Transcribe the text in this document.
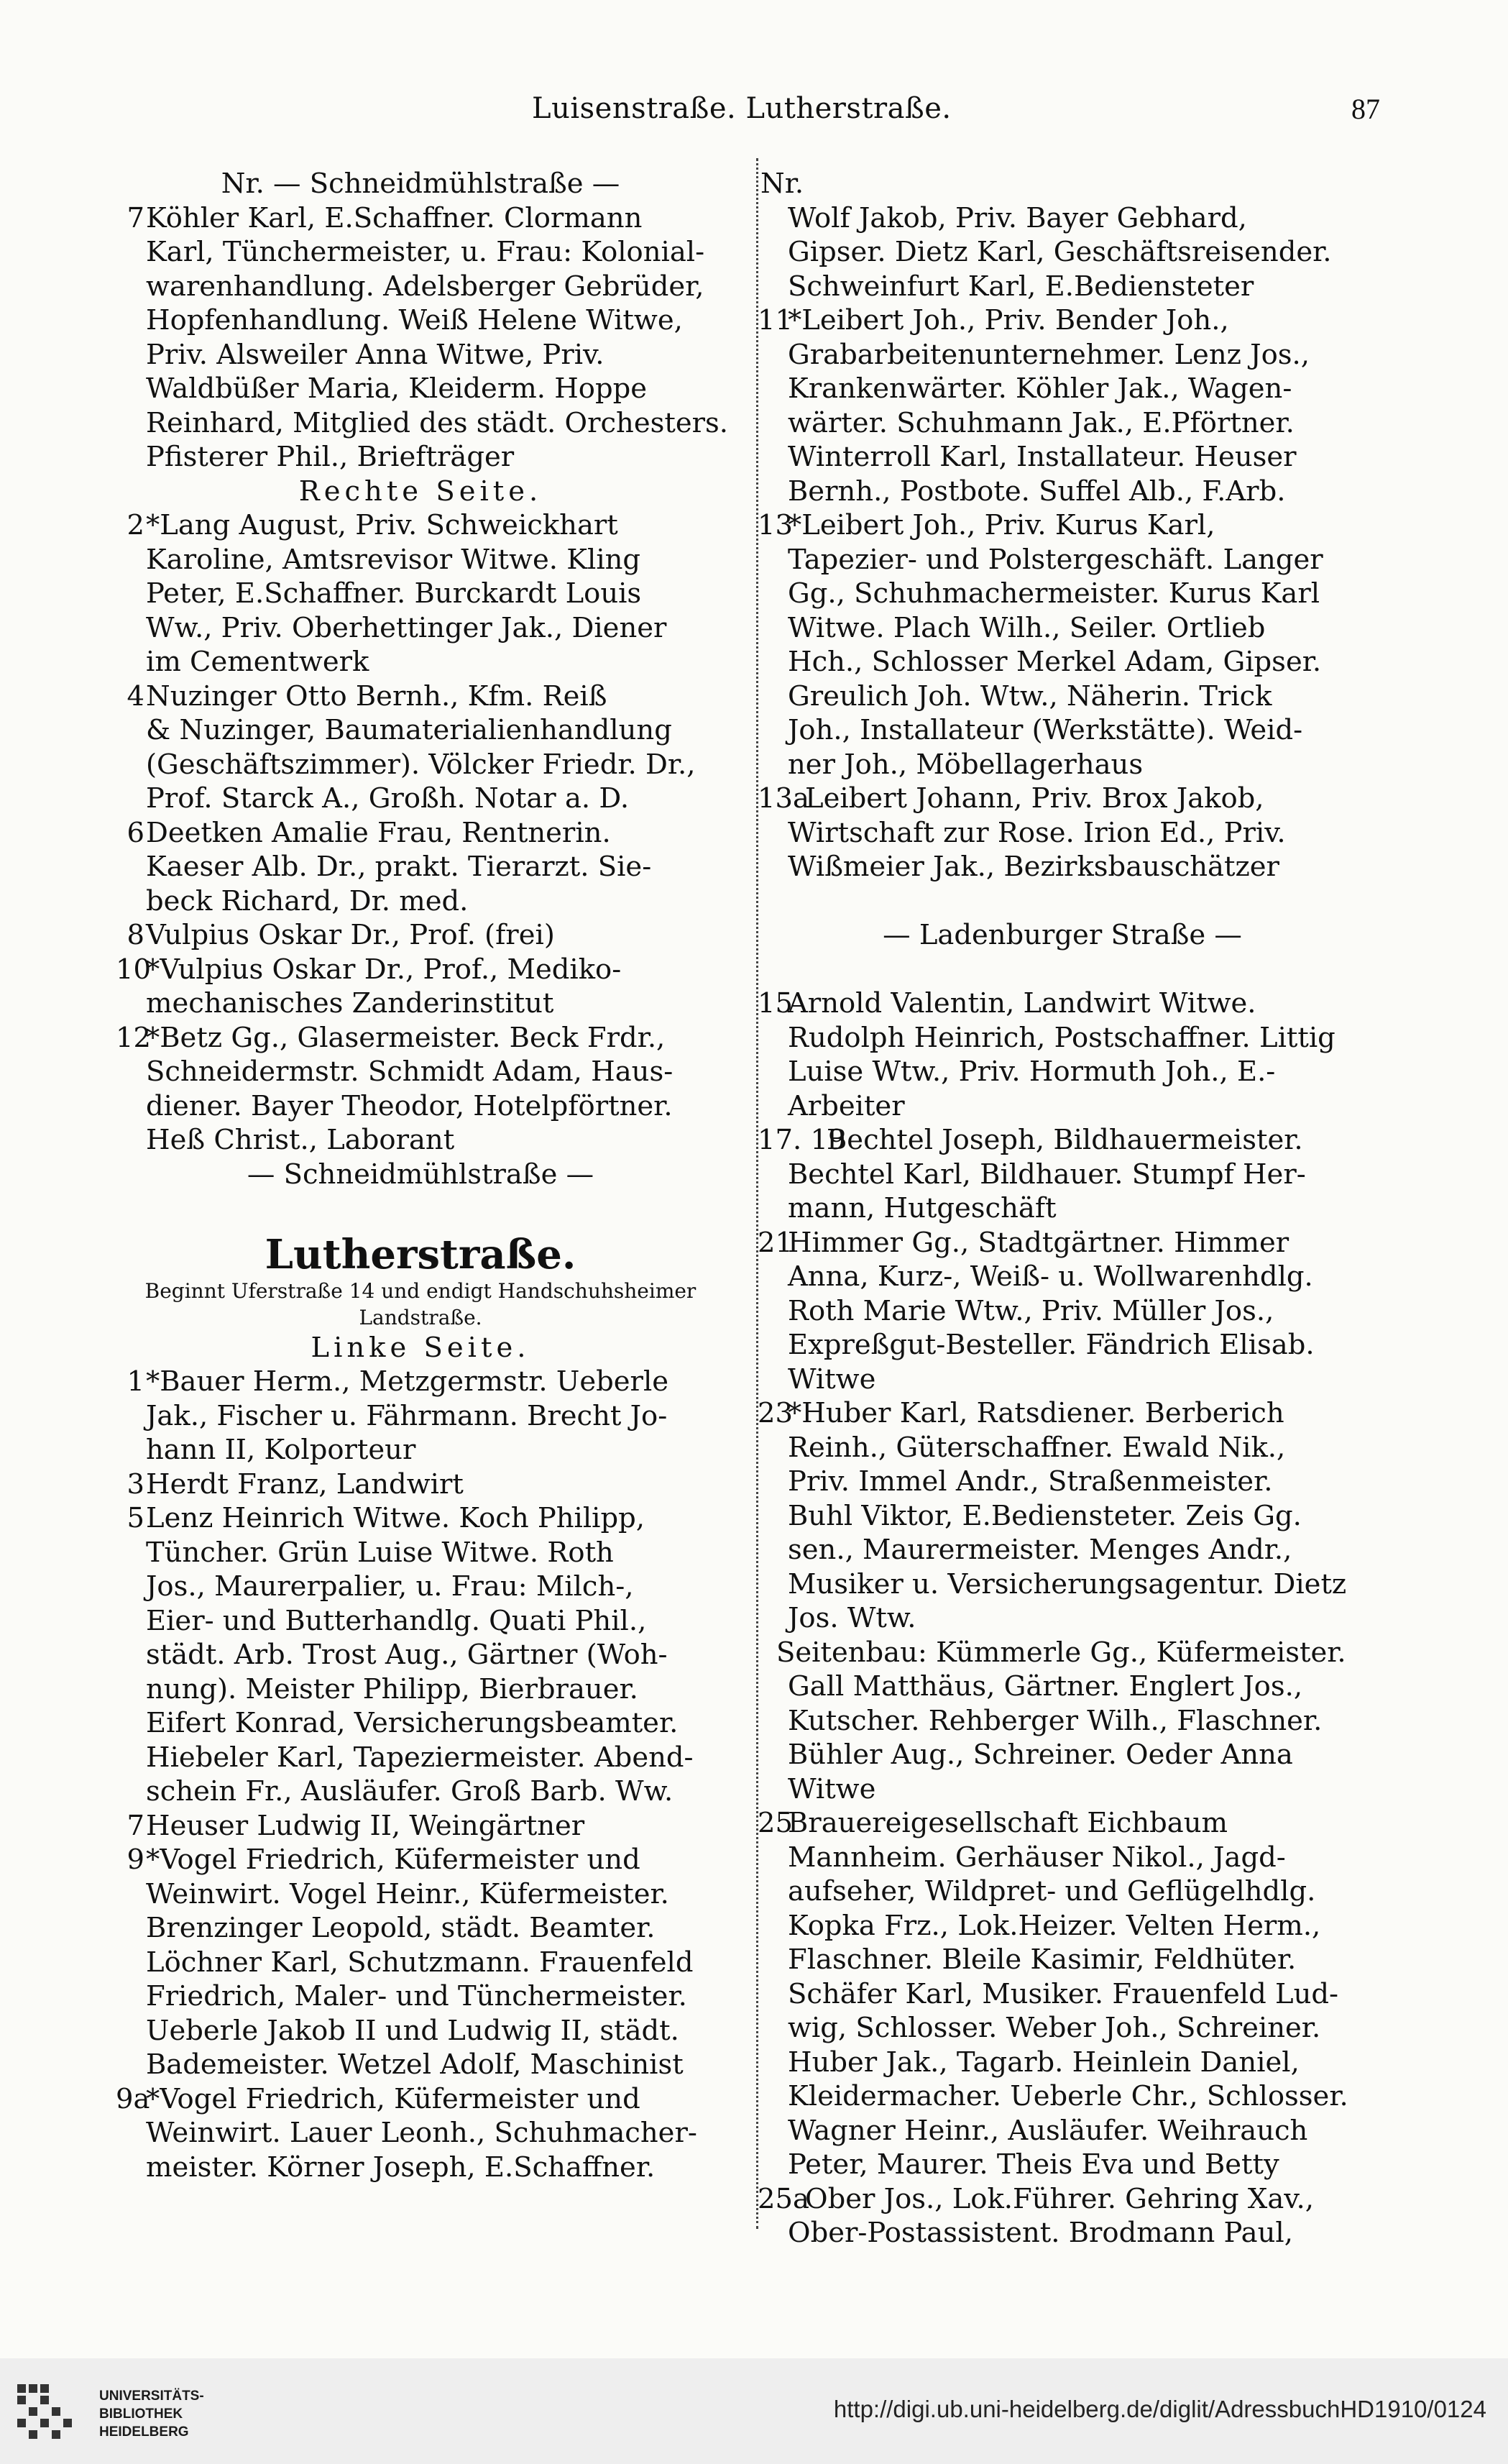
Luisenstraße. Lutherstraße.	87
Nr. — Schneidmühlstraße —
7 Köhler Karl, E.Schaffner. Clormann
Karl, Tünchermeister, u. Frau: Kolonial-
warenhandlung. Adelsberger Gebrüder,
Hopfenhandlung. Weiß Helene Witwe,
Priv. Alsweiler Anna Witwe, Priv.
Waldbüßer Maria, Kleiderm. Hoppe
Reinhard, Mitglied des städt. Orchesters.
Pfisterer Phil., Briefträger
Rechte Seite.
2 *Lang August, Priv. Schweickhart
Karoline, Amtsrevisor Witwe. Kling
Peter, E.Schaffner. Burckardt Louis
Ww., Priv. Oberhettinger Jak., Diener
im Cementwerk
4 Nuzinger Otto Bernh., Kfm. Reiß
& Nuzinger, Baumaterialienhandlung
(Geschäftszimmer). Völcker Friedr. Dr.,
Prof. Starck A., Großh. Notar a. D.
6 Deetken Amalie Frau, Rentnerin.
Kaeser Alb. Dr., prakt. Tierarzt. Sie-
beck Richard, Dr. med.
8 Vulpius Oskar Dr., Prof. (frei)
10
*Vulpius Oskar Dr., Prof., Mediko-
mechanisches Zanderinstitut
12
*Betz Gg., Glasermeister. Beck Frdr.,
Schneidermstr. Schmidt Adam, Haus-
diener. Bayer Theodor, Hotelpförtner.
Heß Christ., Laborant
— Schneidmühlstraße —
Lutherstraße.
Beginnt Uferstraße 14 und endigt Handschuhsheimer
Landstraße.
Linke Seite.
1 *Bauer Herm., Metzgermstr. Ueberle
Jak., Fischer u. Fährmann. Brecht Jo-
hann II, Kolporteur
3 Herdt Franz, Landwirt
5 Lenz Heinrich Witwe. Koch Philipp,
Tüncher. Grün Luise Witwe. Roth
Jos., Maurerpalier, u. Frau: Milch-,
Eier- und Butterhandlg. Quati Phil.,
städt. Arb. Trost Aug., Gärtner (Woh-
nung). Meister Philipp, Bierbrauer.
Eifert Konrad, Versicherungsbeamter.
Hiebeler Karl, Tapeziermeister. Abend-
schein Fr., Ausläufer. Groß Barb. Ww.
7 Heuser Ludwig II, Weingärtner
9 *Vogel Friedrich, Küfermeister und
Weinwirt. Vogel Heinr., Küfermeister.
Brenzinger Leopold, städt. Beamter.
Löchner Karl, Schutzmann. Frauenfeld
Friedrich, Maler- und Tünchermeister.
Ueberle Jakob II und Ludwig II, städt.
Bademeister. Wetzel Adolf, Maschinist
9a
*Vogel Friedrich, Küfermeister und
Weinwirt. Lauer Leonh., Schuhmacher-
meister. Körner Joseph, E.Schaffner.
Nr.
Wolf Jakob, Priv. Bayer Gebhard,
Gipser. Dietz Karl, Geschäftsreisender.
Schweinfurt Karl, E.Bediensteter
11
*Leibert Joh., Priv. Bender Joh.,
Grabarbeitenunternehmer. Lenz Jos.,
Krankenwärter. Köhler Jak., Wagen-
wärter. Schuhmann Jak., E.Pförtner.
Winterroll Karl, Installateur. Heuser
Bernh., Postbote. Suffel Alb., F.Arb.
13
*Leibert Joh., Priv. Kurus Karl,
Tapezier- und Polstergeschäft. Langer
Gg., Schuhmachermeister. Kurus Karl
Witwe. Plach Wilh., Seiler. Ortlieb
Hch., Schlosser Merkel Adam, Gipser.
Greulich Joh. Wtw., Näherin. Trick
Joh., Installateur (Werkstätte). Weid-
ner Joh., Möbellagerhaus
13a
Leibert Johann, Priv. Brox Jakob,
Wirtschaft zur Rose. Irion Ed., Priv.
Wißmeier Jak., Bezirksbauschätzer
— Ladenburger Straße —
15
Arnold Valentin, Landwirt Witwe.
Rudolph Heinrich, Postschaffner. Littig
Luise Wtw., Priv. Hormuth Joh., E.-
Arbeiter
17. 19
Bechtel Joseph, Bildhauermeister.
Bechtel Karl, Bildhauer. Stumpf Her-
mann, Hutgeschäft
21
Himmer Gg., Stadtgärtner. Himmer
Anna, Kurz-, Weiß- u. Wollwarenhdlg.
Roth Marie Wtw., Priv. Müller Jos.,
Expreßgut-Besteller. Fändrich Elisab.
Witwe
23
*Huber Karl, Ratsdiener. Berberich
Reinh., Güterschaffner. Ewald Nik.,
Priv. Immel Andr., Straßenmeister.
Buhl Viktor, E.Bediensteter. Zeis Gg.
sen., Maurermeister. Menges Andr.,
Musiker u. Versicherungsagentur. Dietz
Jos. Wtw.
Seitenbau: Kümmerle Gg., Küfermeister.
Gall Matthäus, Gärtner. Englert Jos.,
Kutscher. Rehberger Wilh., Flaschner.
Bühler Aug., Schreiner. Oeder Anna
Witwe
25
Brauereigesellschaft Eichbaum
Mannheim. Gerhäuser Nikol., Jagd-
aufseher, Wildpret- und Geflügelhdlg.
Kopka Frz., Lok.Heizer. Velten Herm.,
Flaschner. Bleile Kasimir, Feldhüter.
Schäfer Karl, Musiker. Frauenfeld Lud-
wig, Schlosser. Weber Joh., Schreiner.
Huber Jak., Tagarb. Heinlein Daniel,
Kleidermacher. Ueberle Chr., Schlosser.
Wagner Heinr., Ausläufer. Weihrauch
Peter, Maurer. Theis Eva und Betty
25a
Ober Jos., Lok.Führer. Gehring Xav.,
Ober-Postassistent. Brodmann Paul,
UNIVERSITÄTS-
BIBLIOTHEK
HEIDELBERG
http://digi.ub.uni-heidelberg.de/diglit/AdressbuchHD1910/0124
